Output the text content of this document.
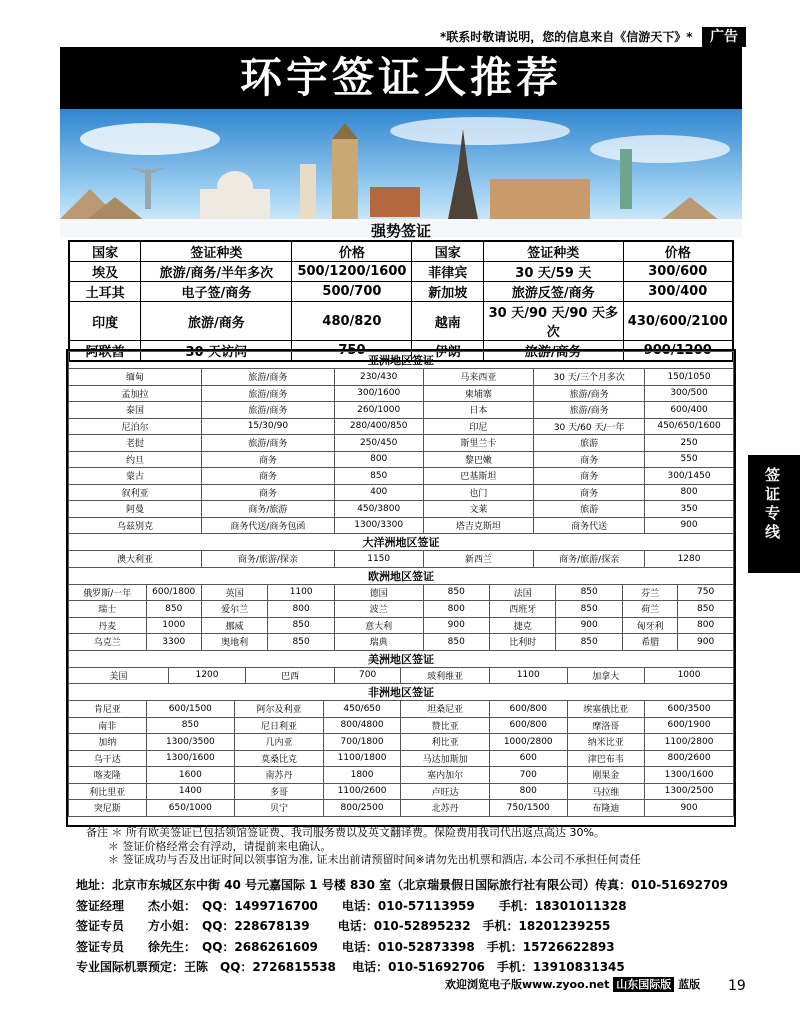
*联系时敬请说明，您的信息来自《信游天下》*	广告
环宇签证大推荐
强势签证
国家	签证种类	价格	国家	签证种类	价格
埃及	旅游/商务/半年多次	500/1200/1600	菲律宾	30 天/59 天	300/600
土耳其	电子签/商务	500/700	新加坡	旅游反签/商务	300/400
印度	旅游/商务	480/820	越南	30 天/90 天/90 天多次	430/600/2100
阿联酋	30 天访问	750	伊朗	旅游/商务	900/1200

亚洲地区签证																																																											
缅甸												旅游/商务												230/430								马来西亚										30 天/三个月多次										150/1050							
孟加拉												旅游/商务												300/1600								柬埔寨										旅游/商务										300/500							
泰国												旅游/商务												260/1000								日本										旅游/商务										600/400							
尼泊尔												15/30/90												280/400/850								印尼										30 天/60 天/一年										450/650/1600							
老挝												旅游/商务												250/450								斯里兰卡										旅游										250							
约旦												商务												800								黎巴嫩										商务										550							
蒙古												商务												850								巴基斯坦										商务										300/1450							
叙利亚												商务												400								也门										商务										800							
阿曼												商务/旅游												450/3800								文莱										旅游										350							
乌兹别克												商务代送/商务包函												1300/3300								塔吉克斯坦										商务代送										900							
大洋洲地区签证																																																											
澳大利亚												商务/旅游/探亲												1150								新西兰										商务/旅游/探亲										1280							
欧洲地区签证																																																											
俄罗斯/一年							600/1800					英国						1100						德国								850						法国						850						芬兰					750				
瑞士							850					爱尔兰						800						波兰								800						西班牙						850						荷兰					850				
丹麦							1000					挪威						850						意大利								900						捷克						900						匈牙利					800				
乌克兰							3300					奥地利						850						瑞典								850						比利时						850						希腊					900				
美洲地区签证																																																											
美国									1200							巴西								700						玻利维亚								1100							加拿大							1000							
非洲地区签证																																																											
肯尼亚							600/1500								阿尔及利亚								450/650							坦桑尼亚								600/800							埃塞俄比亚							600/3500							
南非							850								尼日利亚								800/4800							赞比亚								600/800							摩洛哥							600/1900							
加纳							1300/3500								几内亚								700/1800							利比亚								1000/2800							纳米比亚							1100/2800							
乌干达							1300/1600								莫桑比克								1100/1800							马达加斯加								600							津巴布韦							800/2600							
喀麦隆							1600								南苏丹								1800							塞内加尔								700							刚果金							1300/1600							
利比里亚							1400								多哥								1100/2600							卢旺达								800							马拉维							1300/2500							
突尼斯							650/1000								贝宁								800/2500							北苏丹								750/1500							布隆迪							900							
备注 ＊ 所有欧美签证已包括领馆签证费、我司服务费以及英文翻译费。保险费用我司代出返点高达 30%。
＊ 签证价格经常会有浮动，请提前来电确认。
＊ 签证成功与否及出证时间以领事馆为准, 证未出前请预留时间※请勿先出机票和酒店, 本公司不承担任何责任
地址：北京市东城区东中街 40 号元嘉国际 1 号楼 830 室（北京瑞景假日国际旅行社有限公司）传真：010-51692709
签证经理　　杰小姐：　QQ：1499716700　　电话：010-57113959　　手机：18301011328
签证专员　　方小姐：　QQ：228678139　　 电话：010-52895232　手机：18201239255
签证专员　　徐先生：　QQ：2686261609　　电话：010-52873398　手机：15726622893
专业国际机票预定：王陈　QQ：2726815538　 电话：010-51692706　手机：13910831345
欢迎浏览电子版www.zyoo.net 山东国际版 蓝版 19
签证专线
